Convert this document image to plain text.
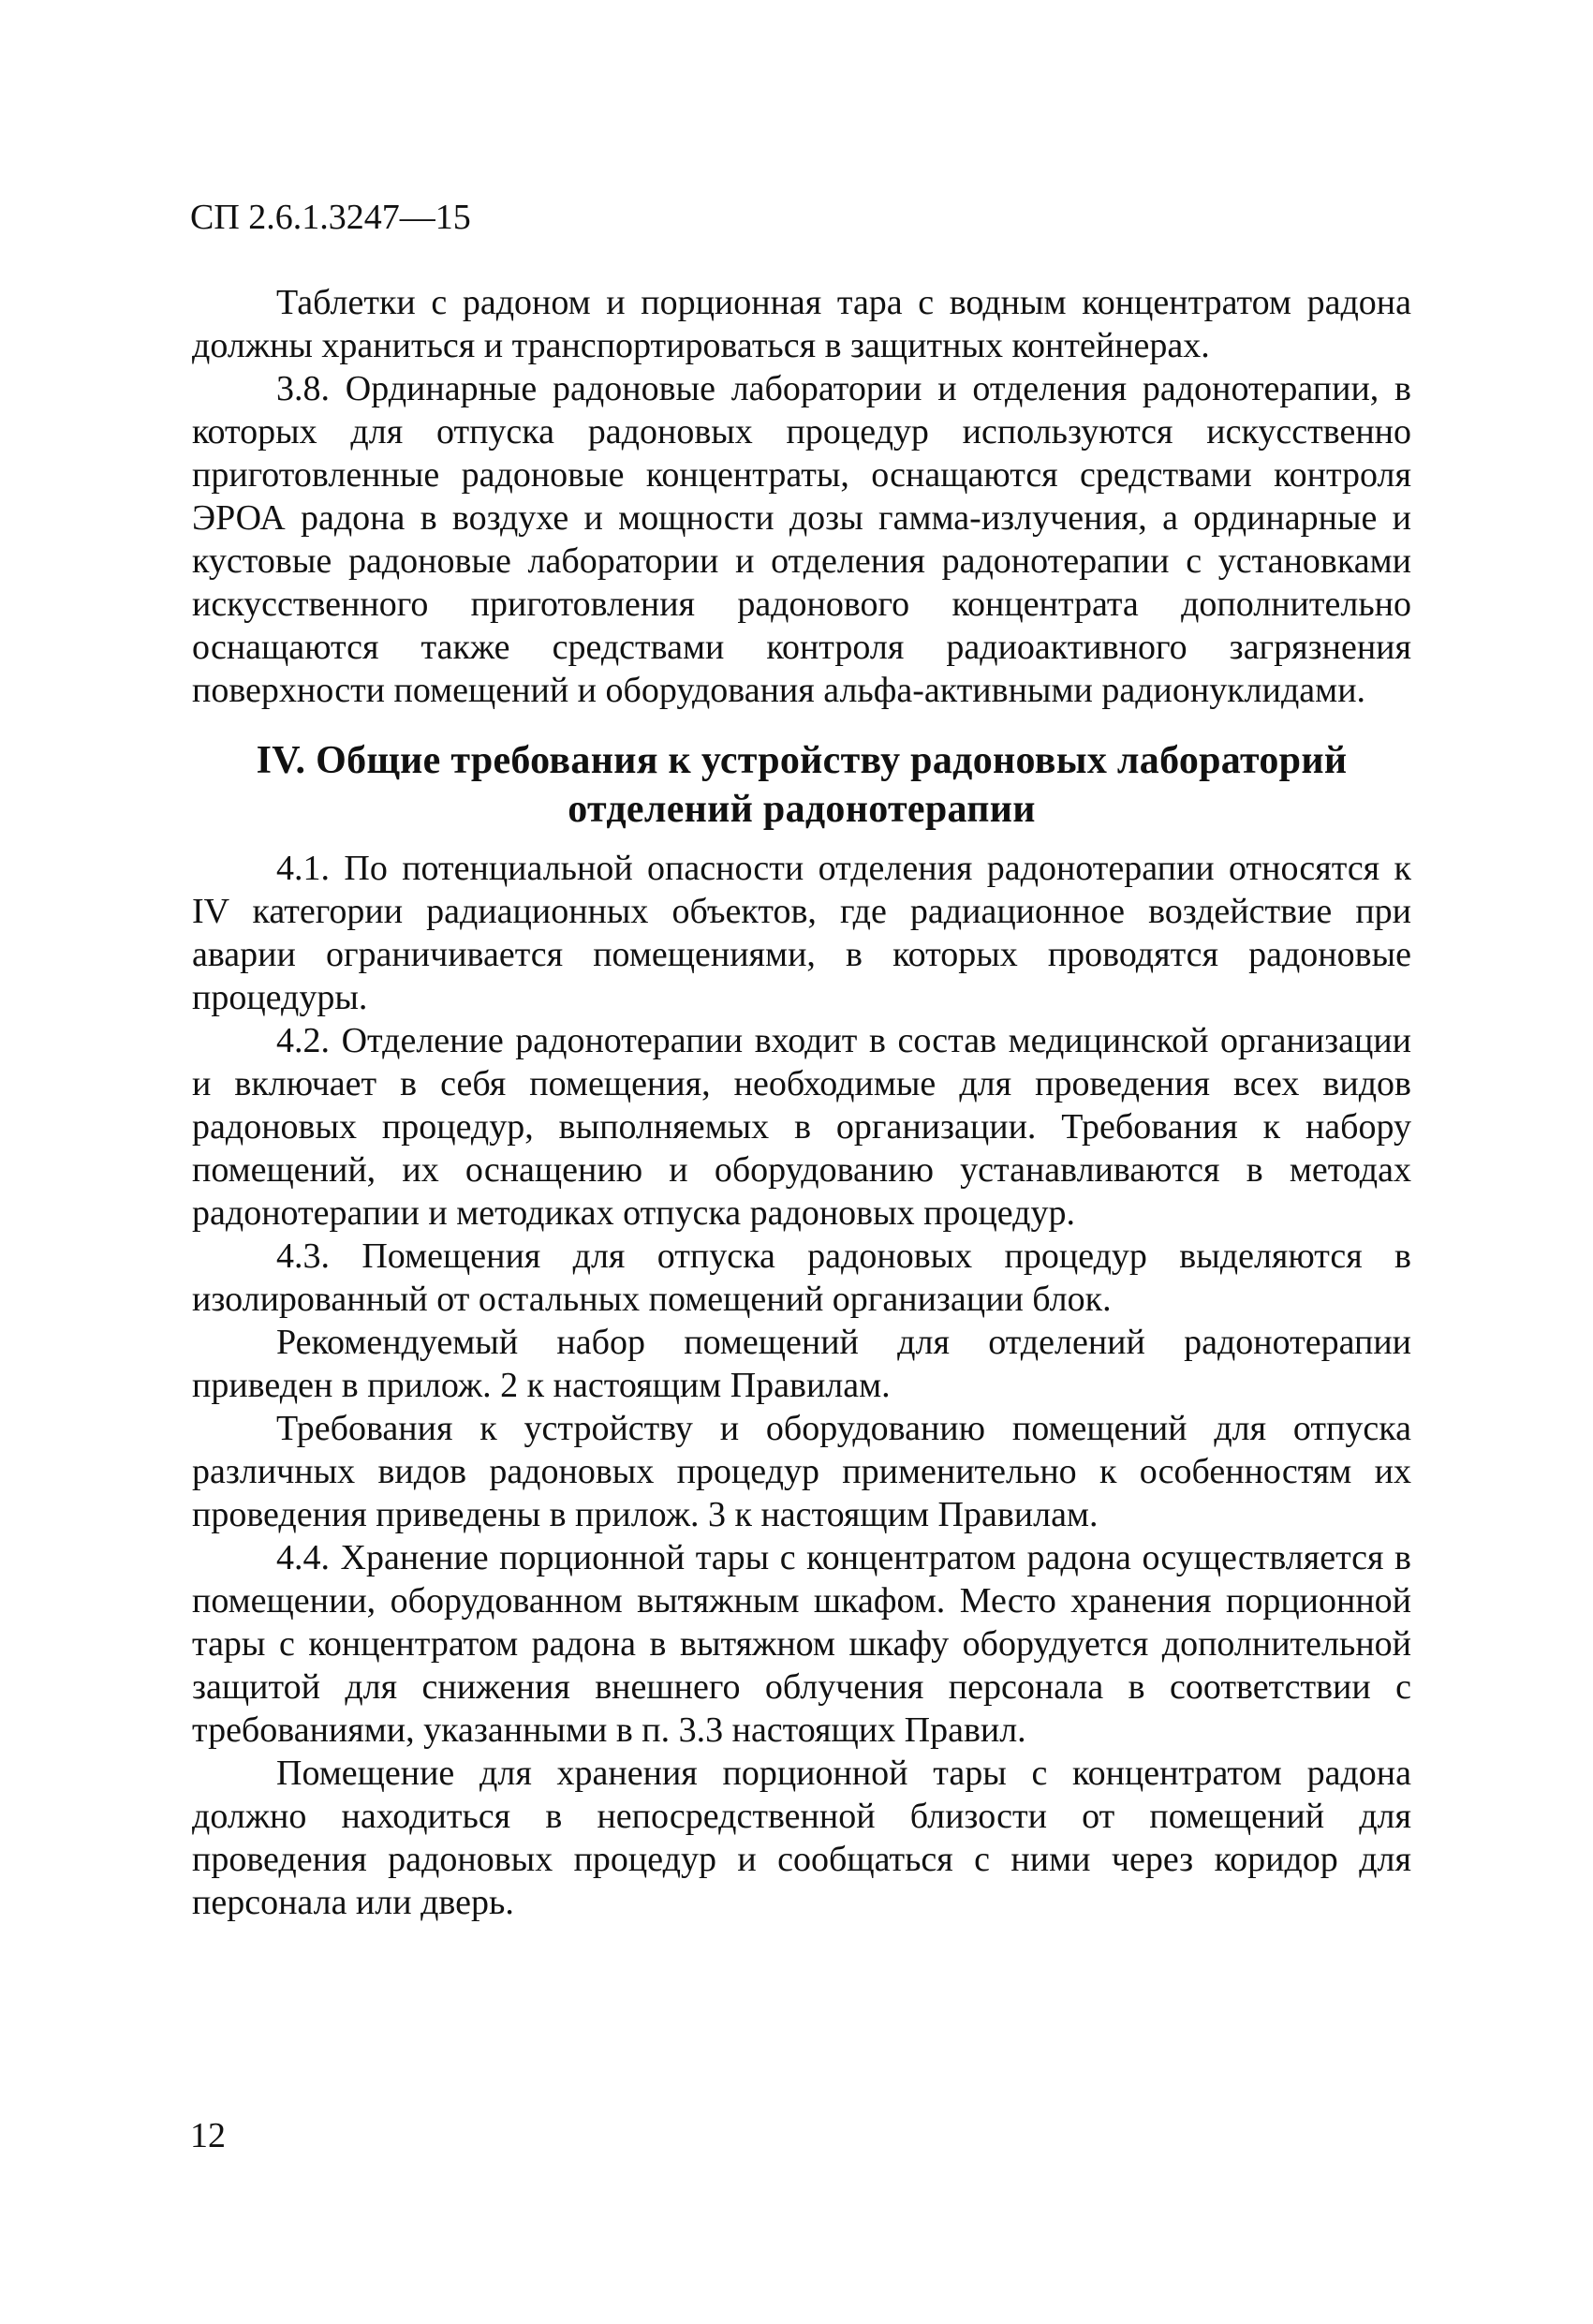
СП 2.6.1.3247—15

Таблетки с радоном и порционная тара с водным концентратом радона должны храниться и транспортироваться в защитных контейнерах.

3.8. Ординарные радоновые лаборатории и отделения радонотерапии, в которых для отпуска радоновых процедур используются искусственно приготовленные радоновые концентраты, оснащаются средствами контроля ЭРОА радона в воздухе и мощности дозы гамма-излучения, а ординарные и кустовые радоновые лаборатории и отделения радонотерапии с установками искусственного приготовления радонового концентрата дополнительно оснащаются также средствами контроля радиоактивного загрязнения поверхности помещений и оборудования альфа-активными радионуклидами.

IV. Общие требования к устройству радоновых лабораторий отделений радонотерапии

4.1. По потенциальной опасности отделения радонотерапии относятся к IV категории радиационных объектов, где радиационное воздействие при аварии ограничивается помещениями, в которых проводятся радоновые процедуры.

4.2. Отделение радонотерапии входит в состав медицинской организации и включает в себя помещения, необходимые для проведения всех видов радоновых процедур, выполняемых в организации. Требования к набору помещений, их оснащению и оборудованию устанавливаются в методах радонотерапии и методиках отпуска радоновых процедур.

4.3. Помещения для отпуска радоновых процедур выделяются в изолированный от остальных помещений организации блок.

Рекомендуемый набор помещений для отделений радонотерапии приведен в прилож. 2 к настоящим Правилам.

Требования к устройству и оборудованию помещений для отпуска различных видов радоновых процедур применительно к особенностям их проведения приведены в прилож. 3 к настоящим Правилам.

4.4. Хранение порционной тары с концентратом радона осуществляется в помещении, оборудованном вытяжным шкафом. Место хранения порционной тары с концентратом радона в вытяжном шкафу оборудуется дополнительной защитой для снижения внешнего облучения персонала в соответствии с требованиями, указанными в п. 3.3 настоящих Правил.

Помещение для хранения порционной тары с концентратом радона должно находиться в непосредственной близости от помещений для проведения радоновых процедур и сообщаться с ними через коридор для персонала или дверь.

12
